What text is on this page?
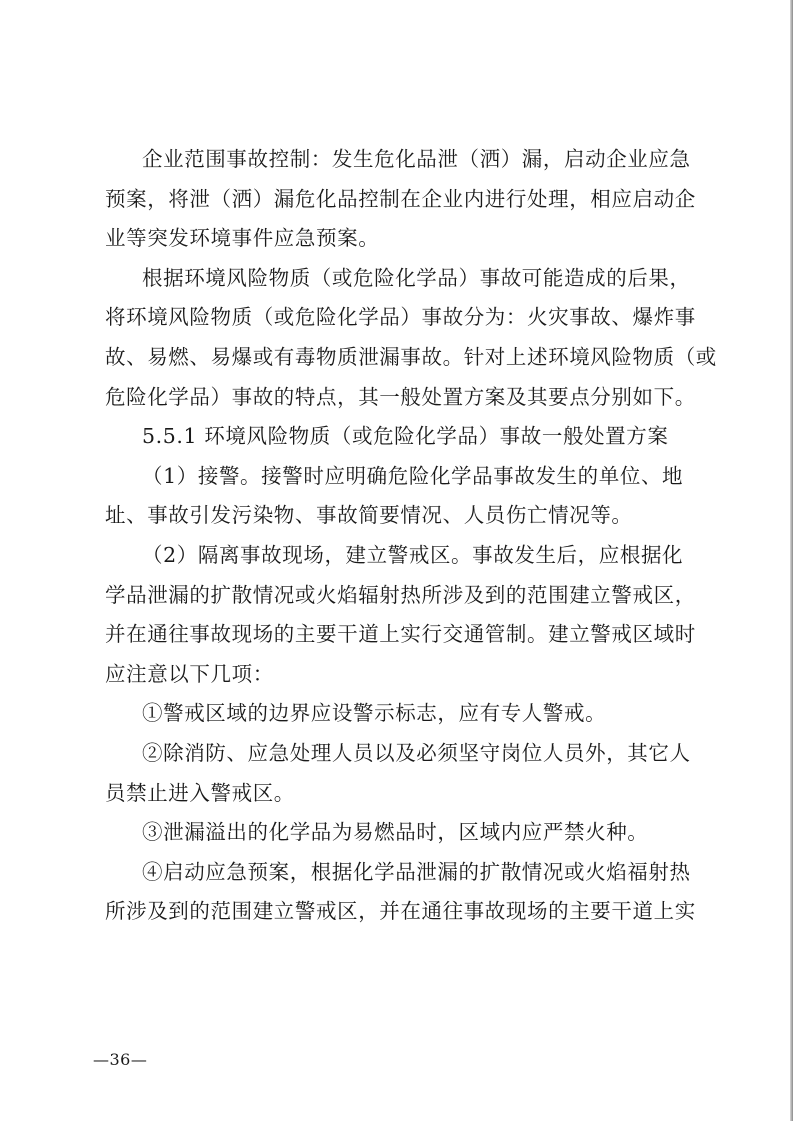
企业范围事故控制：发生危化品泄（洒）漏，启动企业应急

预案，将泄（洒）漏危化品控制在企业内进行处理，相应启动企

业等突发环境事件应急预案。

根据环境风险物质（或危险化学品）事故可能造成的后果，

将环境风险物质（或危险化学品）事故分为：火灾事故、爆炸事

故、易燃、易爆或有毒物质泄漏事故。针对上述环境风险物质（或

危险化学品）事故的特点，其一般处置方案及其要点分别如下。

5.5.1 环境风险物质（或危险化学品）事故一般处置方案

（1）接警。接警时应明确危险化学品事故发生的单位、地

址、事故引发污染物、事故简要情况、人员伤亡情况等。

（2）隔离事故现场，建立警戒区。事故发生后，应根据化

学品泄漏的扩散情况或火焰辐射热所涉及到的范围建立警戒区，

并在通往事故现场的主要干道上实行交通管制。建立警戒区域时

应注意以下几项：

①警戒区域的边界应设警示标志，应有专人警戒。

②除消防、应急处理人员以及必须坚守岗位人员外，其它人

员禁止进入警戒区。

③泄漏溢出的化学品为易燃品时，区域内应严禁火种。

④启动应急预案，根据化学品泄漏的扩散情况或火焰福射热

所涉及到的范围建立警戒区，并在通往事故现场的主要干道上实

—36—
